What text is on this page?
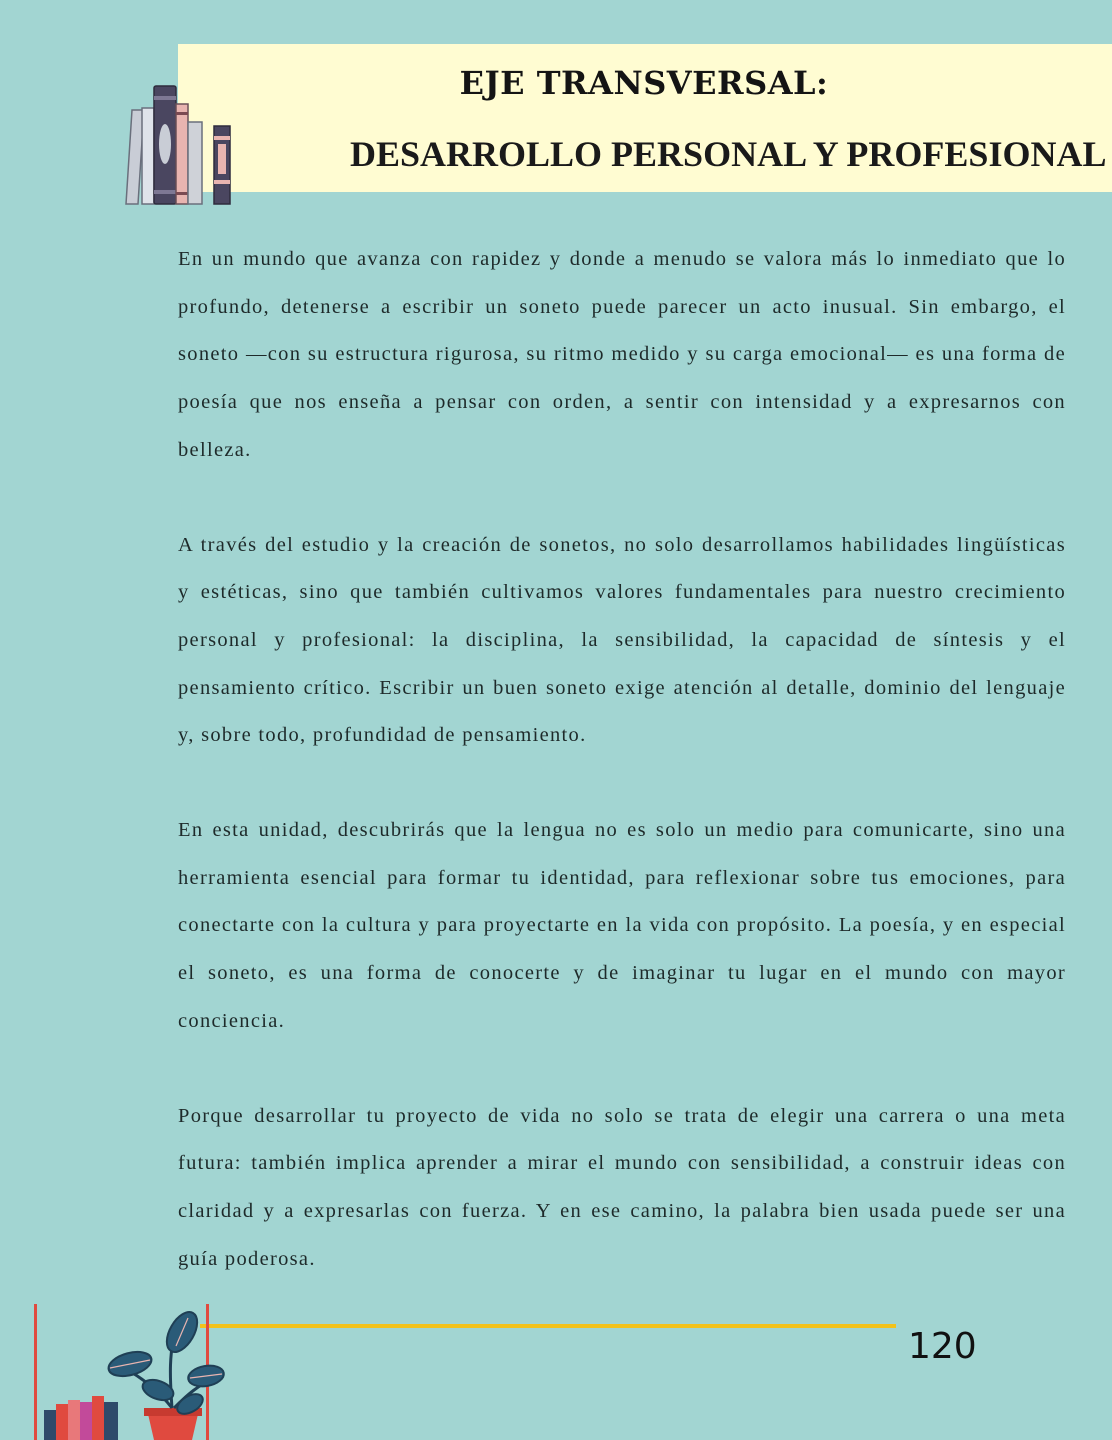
EJE TRANSVERSAL:
DESARROLLO PERSONAL Y PROFESIONAL

En un mundo que avanza con rapidez y donde a menudo se valora más lo inmediato que lo profundo, detenerse a escribir un soneto puede parecer un acto inusual. Sin embargo, el soneto —con su estructura rigurosa, su ritmo medido y su carga emocional— es una forma de poesía que nos enseña a pensar con orden, a sentir con intensidad y a expresarnos con belleza.

A través del estudio y la creación de sonetos, no solo desarrollamos habilidades lingüísticas y estéticas, sino que también cultivamos valores fundamentales para nuestro crecimiento personal y profesional: la disciplina, la sensibilidad, la capacidad de síntesis y el pensamiento crítico. Escribir un buen soneto exige atención al detalle, dominio del lenguaje y, sobre todo, profundidad de pensamiento.

En esta unidad, descubrirás que la lengua no es solo un medio para comunicarte, sino una herramienta esencial para formar tu identidad, para reflexionar sobre tus emociones, para conectarte con la cultura y para proyectarte en la vida con propósito. La poesía, y en especial el soneto, es una forma de conocerte y de imaginar tu lugar en el mundo con mayor conciencia.

Porque desarrollar tu proyecto de vida no solo se trata de elegir una carrera o una meta futura: también implica aprender a mirar el mundo con sensibilidad, a construir ideas con claridad y a expresarlas con fuerza. Y en ese camino, la palabra bien usada puede ser una guía poderosa.

120
